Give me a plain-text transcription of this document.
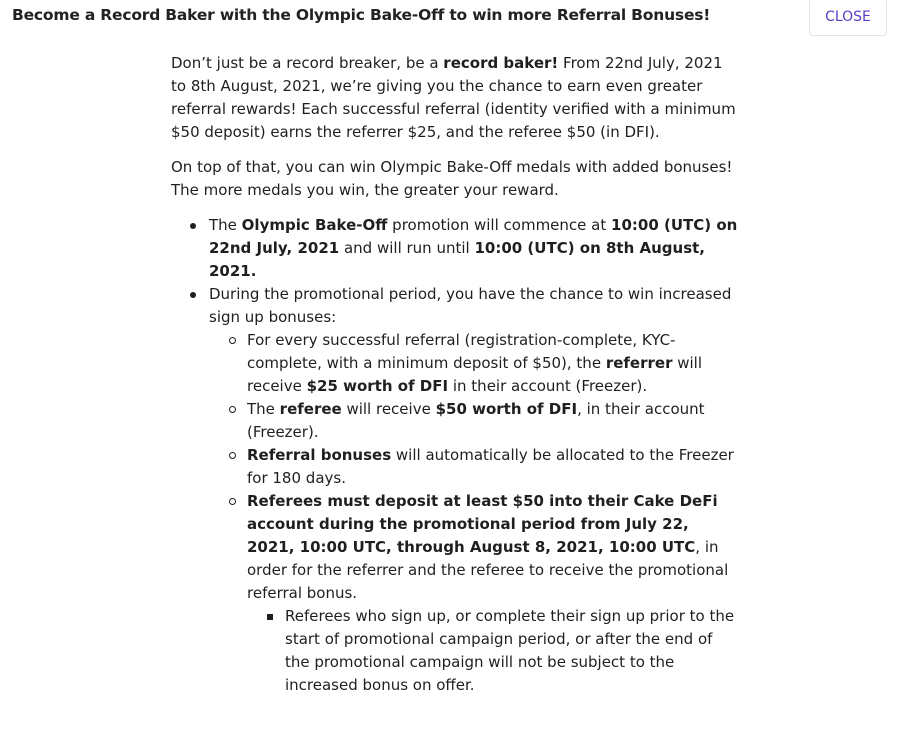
Become a Record Baker with the Olympic Bake-Off to win more Referral Bonuses!	CLOSE

Don’t just be a record breaker, be a record baker! From 22nd July, 2021 to 8th August, 2021, we’re giving you the chance to earn even greater referral rewards! Each successful referral (identity verified with a minimum $50 deposit) earns the referrer $25, and the referee $50 (in DFI).

On top of that, you can win Olympic Bake-Off medals with added bonuses! The more medals you win, the greater your reward.

The Olympic Bake-Off promotion will commence at 10:00 (UTC) on 22nd July, 2021 and will run until 10:00 (UTC) on 8th August, 2021.
During the promotional period, you have the chance to win increased sign up bonuses:
For every successful referral (registration-complete, KYC-complete, with a minimum deposit of $50), the referrer will receive $25 worth of DFI in their account (Freezer).
The referee will receive $50 worth of DFI, in their account (Freezer).
Referral bonuses will automatically be allocated to the Freezer for 180 days.
Referees must deposit at least $50 into their Cake DeFi account during the promotional period from July 22, 2021, 10:00 UTC, through August 8, 2021, 10:00 UTC, in order for the referrer and the referee to receive the promotional referral bonus.
Referees who sign up, or complete their sign up prior to the start of promotional campaign period, or after the end of the promotional campaign will not be subject to the increased bonus on offer.
